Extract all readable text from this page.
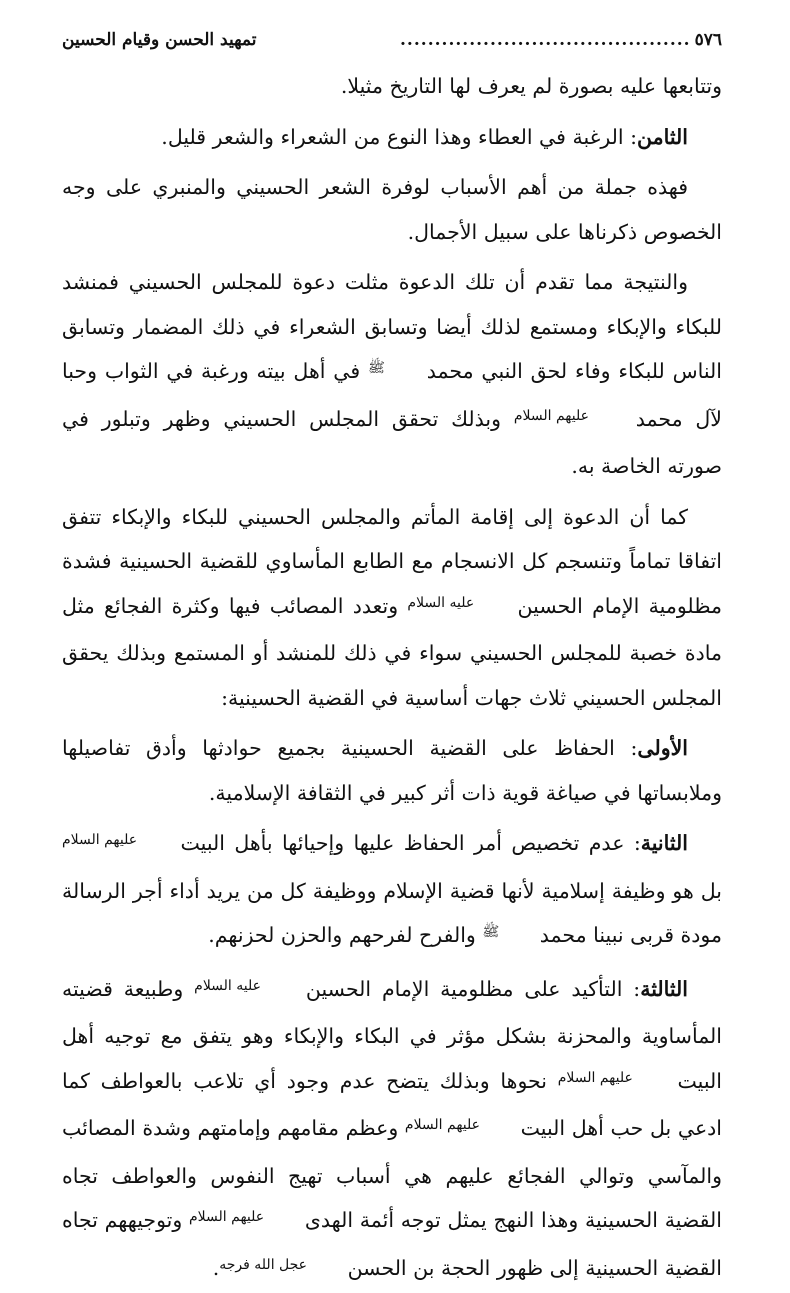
٥٧٦
..........................................
تمهيد الحسن وقيام الحسين

وتتابعها عليه بصورة لم يعرف لها التاريخ مثيلا.

الثامن: الرغبة في العطاء وهذا النوع من الشعراء والشعر قليل.

فهذه جملة من أهم الأسباب لوفرة الشعر الحسيني والمنبري على وجه الخصوص ذكرناها على سبيل الأجمال.

والنتيجة مما تقدم أن تلك الدعوة مثلت دعوة للمجلس الحسيني فمنشد للبكاء والإبكاء ومستمع لذلك أيضا وتسابق الشعراء في ذلك المضمار وتسابق الناس للبكاء وفاء لحق النبي محمد ﷺ في أهل بيته ورغبة في الثواب وحبا لآل محمد عليهم السلام وبذلك تحقق المجلس الحسيني وظهر وتبلور في صورته الخاصة به.

كما أن الدعوة إلى إقامة المأتم والمجلس الحسيني للبكاء والإبكاء تتفق اتفاقا تماماً وتنسجم كل الانسجام مع الطابع المأساوي للقضية الحسينية فشدة مظلومية الإمام الحسين عليه السلام وتعدد المصائب فيها وكثرة الفجائع مثل مادة خصبة للمجلس الحسيني سواء في ذلك للمنشد أو المستمع وبذلك يحقق المجلس الحسيني ثلاث جهات أساسية في القضية الحسينية:

الأولى: الحفاظ على القضية الحسينية بجميع حوادثها وأدق تفاصيلها وملابساتها في صياغة قوية ذات أثر كبير في الثقافة الإسلامية.

الثانية: عدم تخصيص أمر الحفاظ عليها وإحيائها بأهل البيت عليهم السلام بل هو وظيفة إسلامية لأنها قضية الإسلام ووظيفة كل من يريد أداء أجر الرسالة مودة قربى نبينا محمد ﷺ والفرح لفرحهم والحزن لحزنهم.

الثالثة: التأكيد على مظلومية الإمام الحسين عليه السلام وطبيعة قضيته المأساوية والمحزنة بشكل مؤثر في البكاء والإبكاء وهو يتفق مع توجيه أهل البيت عليهم السلام نحوها وبذلك يتضح عدم وجود أي تلاعب بالعواطف كما ادعي بل حب أهل البيت عليهم السلام وعظم مقامهم وإمامتهم وشدة المصائب والمآسي وتوالي الفجائع عليهم هي أسباب تهيج النفوس والعواطف تجاه القضية الحسينية وهذا النهج يمثل توجه أئمة الهدى عليهم السلام وتوجيههم تجاه القضية الحسينية إلى ظهور الحجة بن الحسن عجل الله فرجه.
